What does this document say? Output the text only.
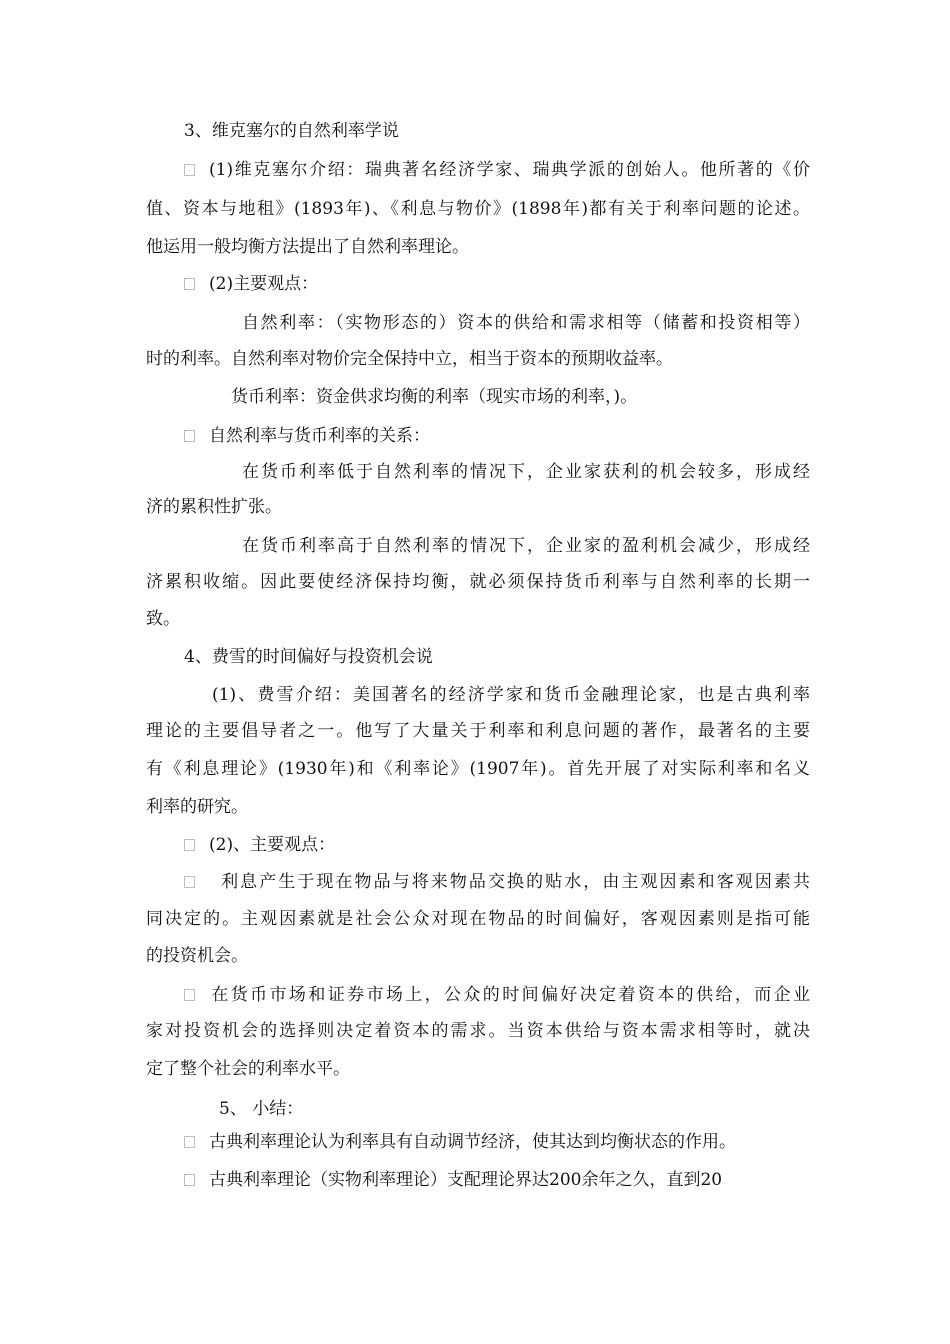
3、维克塞尔的自然利率学说
(1)维克塞尔介绍：瑞典著名经济学家、瑞典学派的创始人。他所著的《价
值、资本与地租》(1893年)、《利息与物价》(1898年)都有关于利率问题的论述。
他运用一般均衡方法提出了自然利率理论。
(2)主要观点：
自然利率：（实物形态的）资本的供给和需求相等（储蓄和投资相等）
时的利率。自然利率对物价完全保持中立，相当于资本的预期收益率。
货币利率：资金供求均衡的利率（现实市场的利率，)。
自然利率与货币利率的关系：
在货币利率低于自然利率的情况下，企业家获利的机会较多，形成经
济的累积性扩张。
在货币利率高于自然利率的情况下，企业家的盈利机会减少，形成经
济累积收缩。因此要使经济保持均衡，就必须保持货币利率与自然利率的长期一
致。
4、费雪的时间偏好与投资机会说
(1)、费雪介绍：美国著名的经济学家和货币金融理论家，也是古典利率
理论的主要倡导者之一。他写了大量关于利率和利息问题的著作，最著名的主要
有《利息理论》(1930年)和《利率论》(1907年)。首先开展了对实际利率和名义
利率的研究。
(2)、主要观点：
利息产生于现在物品与将来物品交换的贴水，由主观因素和客观因素共
同决定的。主观因素就是社会公众对现在物品的时间偏好，客观因素则是指可能
的投资机会。
在货币市场和证券市场上，公众的时间偏好决定着资本的供给，而企业
家对投资机会的选择则决定着资本的需求。当资本供给与资本需求相等时，就决
定了整个社会的利率水平。
5、 小结：
古典利率理论认为利率具有自动调节经济，使其达到均衡状态的作用。
古典利率理论（实物利率理论）支配理论界达200余年之久，直到20
